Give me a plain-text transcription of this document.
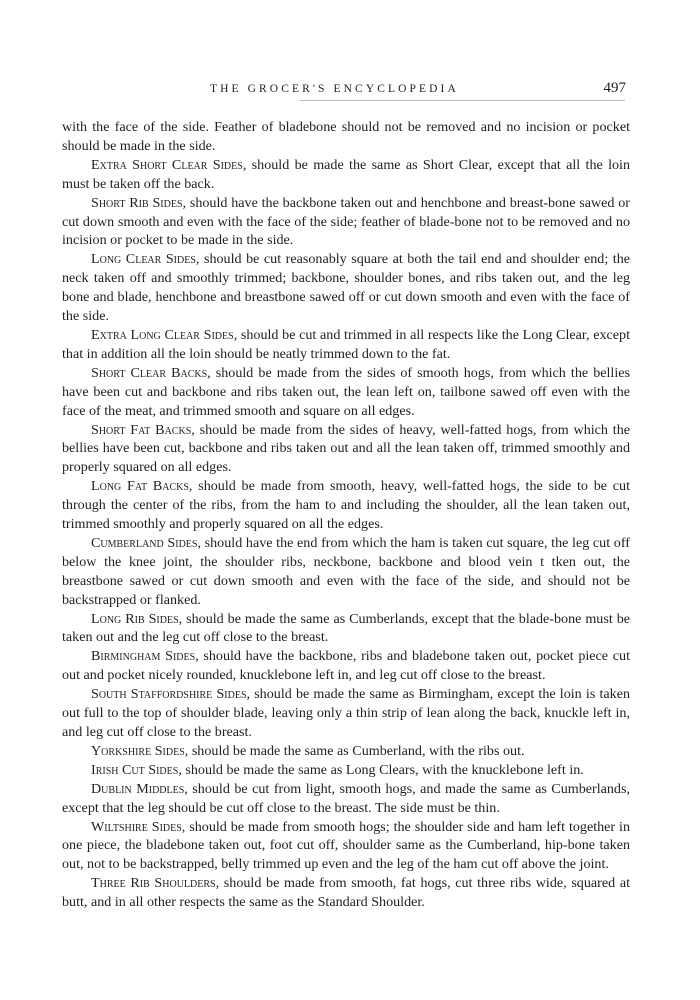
THE GROCER'S ENCYCLOPEDIA	497

with the face of the side. Feather of bladebone should not be removed and no incision or pocket should be made in the side.

Extra Short Clear Sides, should be made the same as Short Clear, except that all the loin must be taken off the back.

Short Rib Sides, should have the backbone taken out and henchbone and breast-bone sawed or cut down smooth and even with the face of the side; feather of blade-bone not to be removed and no incision or pocket to be made in the side.

Long Clear Sides, should be cut reasonably square at both the tail end and shoulder end; the neck taken off and smoothly trimmed; backbone, shoulder bones, and ribs taken out, and the leg bone and blade, henchbone and breastbone sawed off or cut down smooth and even with the face of the side.

Extra Long Clear Sides, should be cut and trimmed in all respects like the Long Clear, except that in addition all the loin should be neatly trimmed down to the fat.

Short Clear Backs, should be made from the sides of smooth hogs, from which the bellies have been cut and backbone and ribs taken out, the lean left on, tailbone sawed off even with the face of the meat, and trimmed smooth and square on all edges.

Short Fat Backs, should be made from the sides of heavy, well-fatted hogs, from which the bellies have been cut, backbone and ribs taken out and all the lean taken off, trimmed smoothly and properly squared on all edges.

Long Fat Backs, should be made from smooth, heavy, well-fatted hogs, the side to be cut through the center of the ribs, from the ham to and including the shoulder, all the lean taken out, trimmed smoothly and properly squared on all the edges.

Cumberland Sides, should have the end from which the ham is taken cut square, the leg cut off below the knee joint, the shoulder ribs, neckbone, backbone and blood vein t tken out, the breastbone sawed or cut down smooth and even with the face of the side, and should not be backstrapped or flanked.

Long Rib Sides, should be made the same as Cumberlands, except that the blade-bone must be taken out and the leg cut off close to the breast.

Birmingham Sides, should have the backbone, ribs and bladebone taken out, pocket piece cut out and pocket nicely rounded, knucklebone left in, and leg cut off close to the breast.

South Staffordshire Sides, should be made the same as Birmingham, except the loin is taken out full to the top of shoulder blade, leaving only a thin strip of lean along the back, knuckle left in, and leg cut off close to the breast.

Yorkshire Sides, should be made the same as Cumberland, with the ribs out.

Irish Cut Sides, should be made the same as Long Clears, with the knucklebone left in.

Dublin Middles, should be cut from light, smooth hogs, and made the same as Cumberlands, except that the leg should be cut off close to the breast. The side must be thin.

Wiltshire Sides, should be made from smooth hogs; the shoulder side and ham left together in one piece, the bladebone taken out, foot cut off, shoulder same as the Cumberland, hip-bone taken out, not to be backstrapped, belly trimmed up even and the leg of the ham cut off above the joint.

Three Rib Shoulders, should be made from smooth, fat hogs, cut three ribs wide, squared at butt, and in all other respects the same as the Standard Shoulder.
